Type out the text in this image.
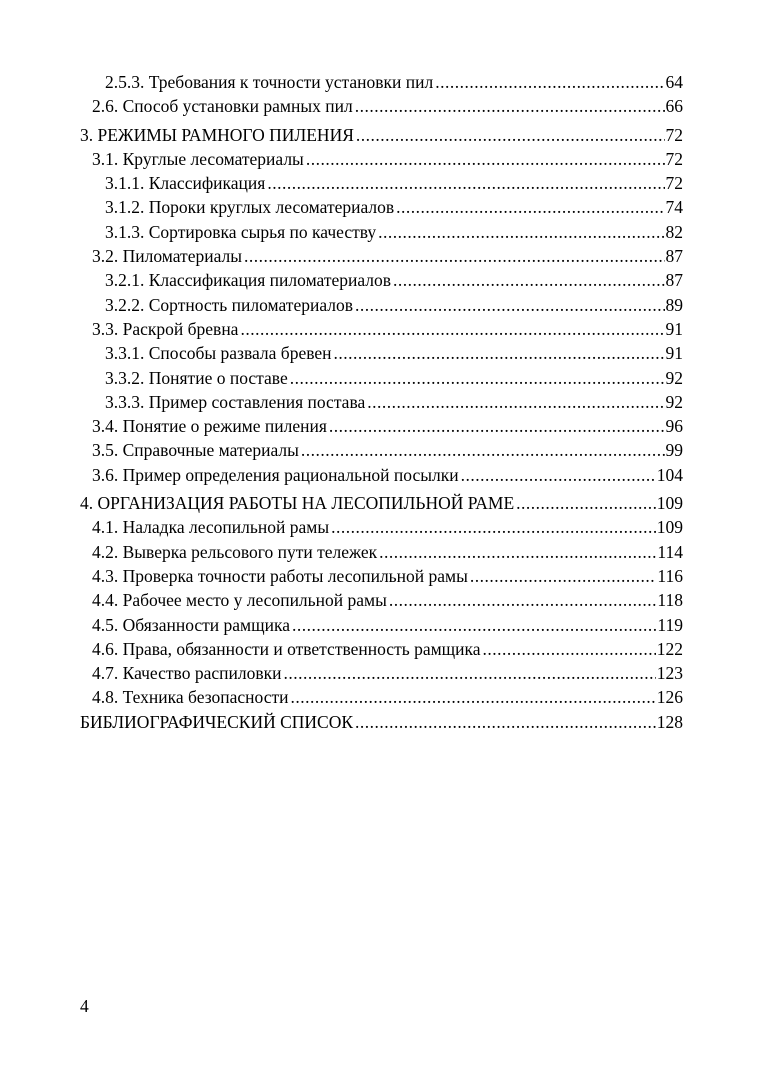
2.5.3. Требования к точности установки пил .....	64
2.6. Способ установки рамных пил .....	66
3. РЕЖИМЫ РАМНОГО ПИЛЕНИЯ .....	72
3.1. Круглые лесоматериалы .....	72
3.1.1. Классификация .....	72
3.1.2. Пороки круглых лесоматериалов .....	74
3.1.3. Сортировка сырья по качеству .....	82
3.2. Пиломатериалы .....	87
3.2.1. Классификация пиломатериалов .....	87
3.2.2. Сортность пиломатериалов .....	89
3.3. Раскрой бревна .....	91
3.3.1. Способы развала бревен .....	91
3.3.2. Понятие о поставе .....	92
3.3.3. Пример составления постава .....	92
3.4. Понятие о режиме пиления .....	96
3.5. Справочные материалы .....	99
3.6. Пример определения рациональной посылки .....	104
4. ОРГАНИЗАЦИЯ РАБОТЫ НА ЛЕСОПИЛЬНОЙ РАМЕ .....	109
4.1. Наладка лесопильной рамы .....	109
4.2. Выверка рельсового пути тележек .....	114
4.3. Проверка точности работы лесопильной рамы .....	116
4.4. Рабочее место у лесопильной рамы .....	118
4.5. Обязанности рамщика .....	119
4.6. Права, обязанности и ответственность рамщика .....	122
4.7. Качество распиловки .....	123
4.8. Техника безопасности .....	126
БИБЛИОГРАФИЧЕСКИЙ СПИСОК .....	128
4
